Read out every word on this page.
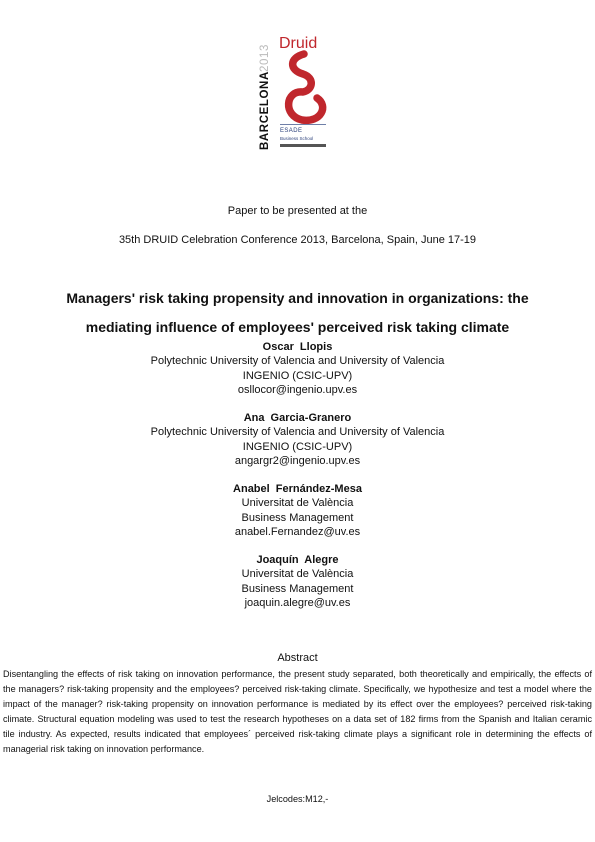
BARCELONA
2013
Druid
ESADE
Business School
Paper to be presented at the
35th DRUID Celebration Conference 2013, Barcelona, Spain, June 17-19
Managers' risk taking propensity and innovation in organizations: the
mediating influence of employees' perceived risk taking climate
Oscar Llopis
Polytechnic University of Valencia and University of Valencia
INGENIO (CSIC-UPV)
osllocor@ingenio.upv.es
Ana Garcia-Granero
Polytechnic University of Valencia and University of Valencia
INGENIO (CSIC-UPV)
angargr2@ingenio.upv.es
Anabel Fernández-Mesa
Universitat de València
Business Management
anabel.Fernandez@uv.es
Joaquín Alegre
Universitat de València
Business Management
joaquin.alegre@uv.es
Abstract
Disentangling the effects of risk taking on innovation performance, the present study separated, both theoretically and empirically, the effects of the managers? risk-taking propensity and the employees? perceived risk-taking climate. Specifically, we hypothesize and test a model where the impact of the manager? risk-taking propensity on innovation performance is mediated by its effect over the employees? perceived risk-taking climate. Structural equation modeling was used to test the research hypotheses on a data set of 182 firms from the Spanish and Italian ceramic tile industry. As expected, results indicated that employees´ perceived risk-taking climate plays a significant role in determining the effects of managerial risk taking on innovation performance.
Jelcodes:M12,-
